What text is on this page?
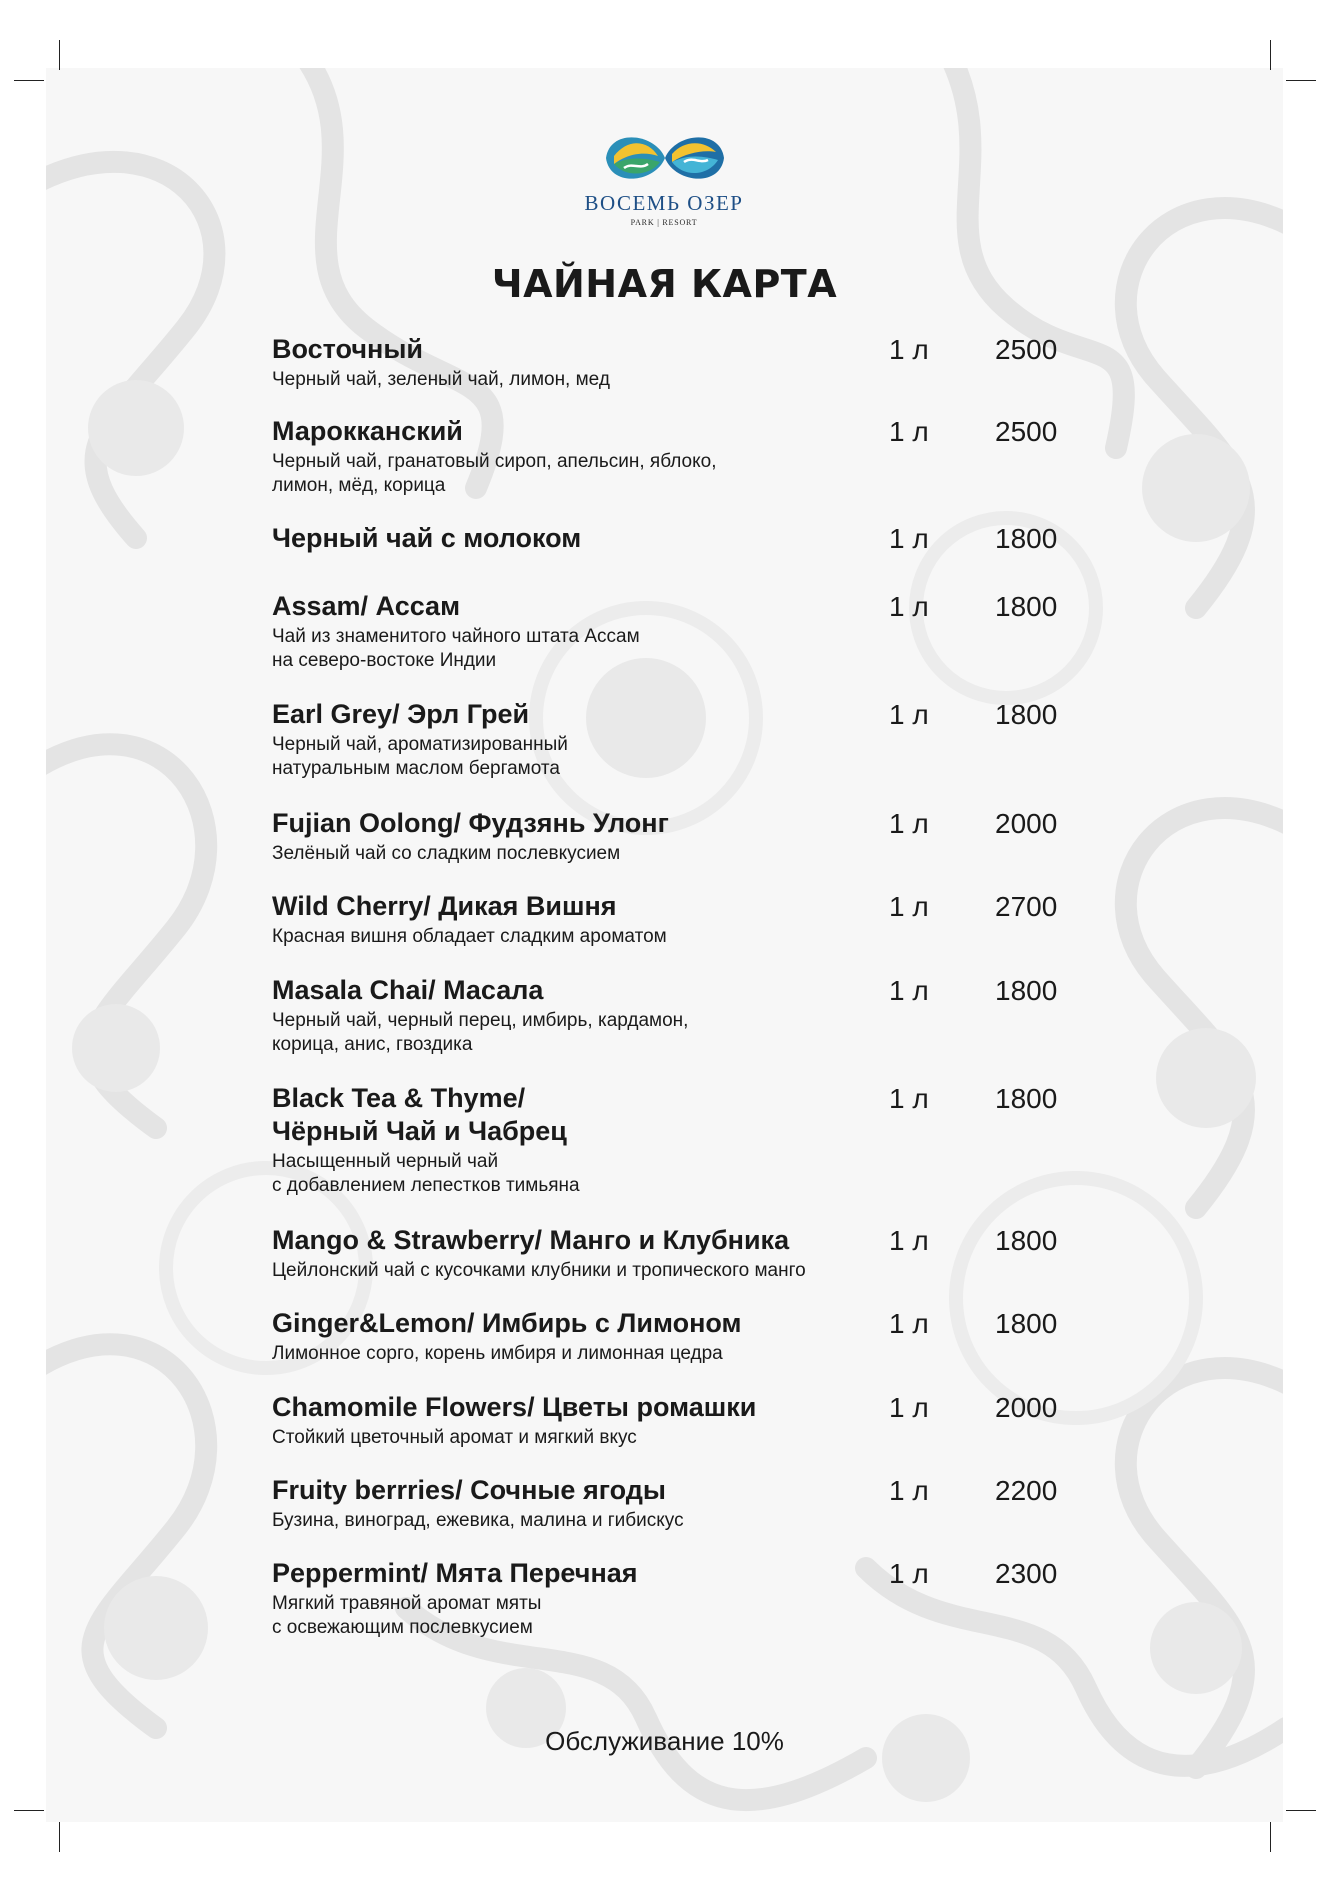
ВОСЕМЬ ОЗЕР
PARK | RESORT
ЧАЙНАЯ КАРТА
Восточный
Черный чай, зеленый чай, лимон, мед
1 л 2500
Марокканский
Черный чай, гранатовый сироп, апельсин, яблоко,
лимон, мёд, корица
1 л 2500
Черный чай с молоком	1 л 1800
Assam/ Ассам
Чай из знаменитого чайного штата Ассам
на северо-востоке Индии
1 л 1800
Earl Grey/ Эрл Грей
Черный чай, ароматизированный
натуральным маслом бергамота
1 л 1800
Fujian Oolong/ Фудзянь Улонг
Зелёный чай со сладким послевкусием
1 л 2000
Wild Cherry/ Дикая Вишня
Красная вишня обладает сладким ароматом
1 л 2700
Masala Chai/ Масала
Черный чай, черный перец, имбирь, кардамон,
корица, анис, гвоздика
1 л 1800
Black Tea & Thyme/
Чёрный Чай и Чабрец
Насыщенный черный чай
с добавлением лепестков тимьяна
1 л 1800
Mango & Strawberry/ Манго и Клубника
Цейлонский чай с кусочками клубники и тропического манго
1 л 1800
Ginger&Lemon/ Имбирь с Лимоном
Лимонное сорго, корень имбиря и лимонная цедра
1 л 1800
Chamomile Flowers/ Цветы ромашки
Стойкий цветочный аромат и мягкий вкус
1 л 2000
Fruity berrries/ Сочные ягоды
Бузина, виноград, ежевика, малина и гибискус
1 л 2200
Peppermint/ Мята Перечная
Мягкий травяной аромат мяты
с освежающим послевкусием
1 л 2300
Обслуживание 10%
